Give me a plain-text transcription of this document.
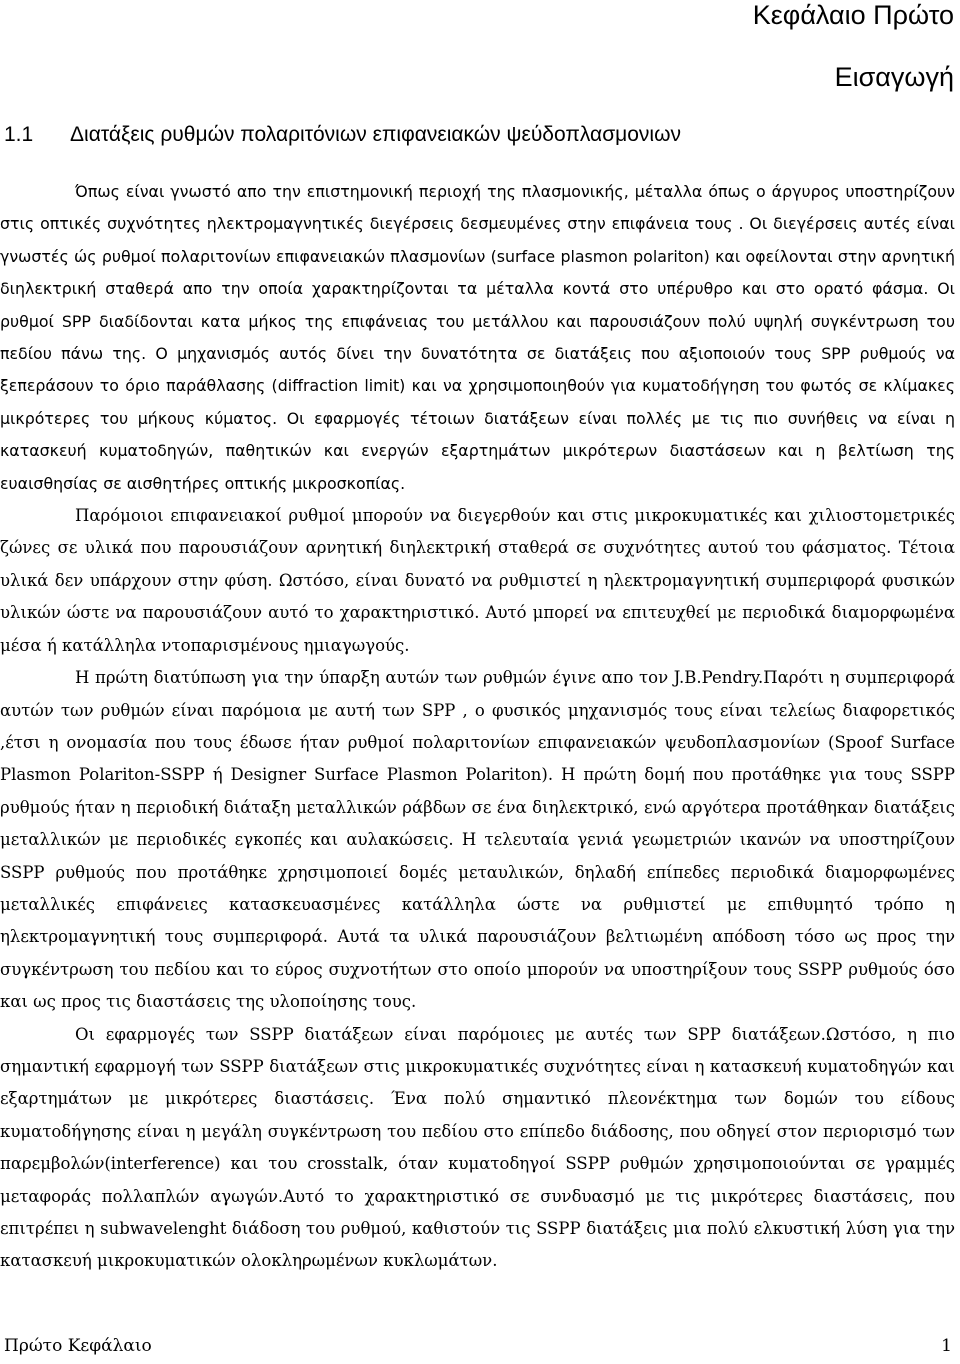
Κεφάλαιο Πρώτο
Εισαγωγή
1.1 Διατάξεις ρυθμών πολαριτόνιων επιφανειακών ψεύδοπλασμονιων

Όπως είναι γνωστό απο την επιστημονική περιοχή της πλασμονικής, μέταλλα όπως ο άργυρος υποστηρίζουν στις οπτικές συχνότητες ηλεκτρομαγνητικές διεγέρσεις δεσμευμένες στην επιφάνεια τους . Οι διεγέρσεις αυτές είναι γνωστές ώς ρυθμοί πολαριτονίων επιφανειακών πλασμονίων (surface plasmon polariton) και οφείλονται στην αρνητική διηλεκτρική σταθερά απο την οποία χαρακτηρίζονται τα μέταλλα κοντά στο υπέρυθρο και στο ορατό φάσμα. Οι ρυθμοί SPP διαδίδονται κατα μήκος της επιφάνειας του μετάλλου και παρουσιάζουν πολύ υψηλή συγκέντρωση του πεδίου πάνω της. Ο μηχανισμός αυτός δίνει την δυνατότητα σε διατάξεις που αξιοποιούν τους SPP ρυθμούς να ξεπεράσουν το όριο παράθλασης (diffraction limit) και να χρησιμοποιηθούν για κυματοδήγηση του φωτός σε κλίμακες μικρότερες του μήκους κύματος. Οι εφαρμογές τέτοιων διατάξεων είναι πολλές με τις πιο συνήθεις να είναι η κατασκευή κυματοδηγών, παθητικών και ενεργών εξαρτημάτων μικρότερων διαστάσεων και η βελτίωση της ευαισθησίας σε αισθητήρες οπτικής μικροσκοπίας.

Παρόμοιοι επιφανειακοί ρυθμοί μπορούν να διεγερθούν και στις μικροκυματικές και χιλιοστομετρικές ζώνες σε υλικά που παρουσιάζουν αρνητική διηλεκτρική σταθερά σε συχνότητες αυτού του φάσματος. Τέτοια υλικά δεν υπάρχουν στην φύση. Ωστόσο, είναι δυνατό να ρυθμιστεί η ηλεκτρομαγνητική συμπεριφορά φυσικών υλικών ώστε να παρουσιάζουν αυτό το χαρακτηριστικό. Αυτό μπορεί να επιτευχθεί με περιοδικά διαμορφωμένα μέσα ή κατάλληλα ντοπαρισμένους ημιαγωγούς.

Η πρώτη διατύπωση για την ύπαρξη αυτών των ρυθμών έγινε απο τον J.B.Pendry.Παρότι η συμπεριφορά αυτών των ρυθμών είναι παρόμοια με αυτή των SPP , ο φυσικός μηχανισμός τους είναι τελείως διαφορετικός ,έτσι η ονομασία που τους έδωσε ήταν ρυθμοί πολαριτονίων επιφανειακών ψευδοπλασμονίων (Spoof Surface Plasmon Polariton-SSPP ή Designer Surface Plasmon Polariton). Η πρώτη δομή που προτάθηκε για τους SSPP ρυθμούς ήταν η περιοδική διάταξη μεταλλικών ράβδων σε ένα διηλεκτρικό, ενώ αργότερα προτάθηκαν διατάξεις μεταλλικών με περιοδικές εγκοπές και αυλακώσεις. Η τελευταία γενιά γεωμετριών ικανών να υποστηρίζουν SSPP ρυθμούς που προτάθηκε χρησιμοποιεί δομές μεταυλικών, δηλαδή επίπεδες περιοδικά διαμορφωμένες μεταλλικές επιφάνειες κατασκευασμένες κατάλληλα ώστε να ρυθμιστεί με επιθυμητό τρόπο η ηλεκτρομαγνητική τους συμπεριφορά. Αυτά τα υλικά παρουσιάζουν βελτιωμένη απόδοση τόσο ως προς την συγκέντρωση του πεδίου και το εύρος συχνοτήτων στο οποίο μπορούν να υποστηρίξουν τους SSPP ρυθμούς όσο και ως προς τις διαστάσεις της υλοποίησης τους.

Οι εφαρμογές των SSPP διατάξεων είναι παρόμοιες με αυτές των SPP διατάξεων.Ωστόσο, η πιο σημαντική εφαρμογή των SSPP διατάξεων στις μικροκυματικές συχνότητες είναι η κατασκευή κυματοδηγών και εξαρτημάτων με μικρότερες διαστάσεις. Ένα πολύ σημαντικό πλεονέκτημα των δομών του είδους κυματοδήγησης είναι η μεγάλη συγκέντρωση του πεδίου στο επίπεδο διάδοσης, που οδηγεί στον περιορισμό των παρεμβολών(interference) και του crosstalk, όταν κυματοδηγοί SSPP ρυθμών χρησιμοποιούνται σε γραμμές μεταφοράς πολλαπλών αγωγών.Αυτό το χαρακτηριστικό σε συνδυασμό με τις μικρότερες διαστάσεις, που επιτρέπει η subwavelenght διάδοση του ρυθμού, καθιστούν τις SSPP διατάξεις μια πολύ ελκυστική λύση για την κατασκευή μικροκυματικών ολοκληρωμένων κυκλωμάτων.

Πρώτο Κεφάλαιο	1
